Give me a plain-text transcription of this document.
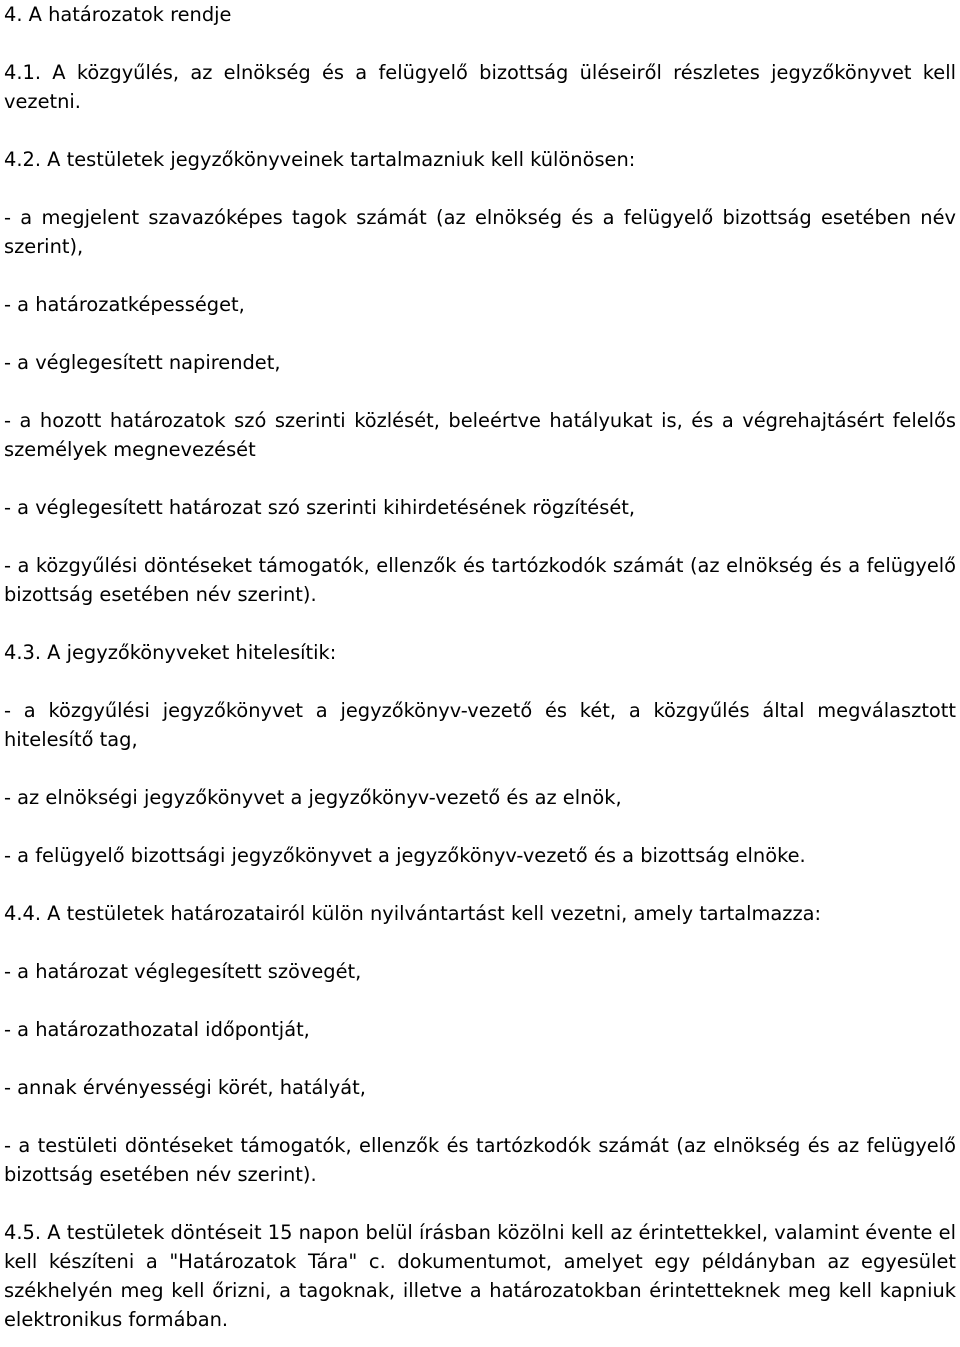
4. A határozatok rendje

4.1. A közgyűlés, az elnökség és a felügyelő bizottság üléseiről részletes jegyzőkönyvet kell vezetni.

4.2. A testületek jegyzőkönyveinek tartalmazniuk kell különösen:

- a megjelent szavazóképes tagok számát (az elnökség és a felügyelő bizottság esetében név szerint),

- a határozatképességet,

- a véglegesített napirendet,

- a hozott határozatok szó szerinti közlését, beleértve hatályukat is, és a végrehajtásért felelős személyek megnevezését

- a véglegesített határozat szó szerinti kihirdetésének rögzítését,

- a közgyűlési döntéseket támogatók, ellenzők és tartózkodók számát (az elnökség és a felügyelő bizottság esetében név szerint).

4.3. A jegyzőkönyveket hitelesítik:

- a közgyűlési jegyzőkönyvet a jegyzőkönyv-vezető és két, a közgyűlés által megválasztott hitelesítő tag,

- az elnökségi jegyzőkönyvet a jegyzőkönyv-vezető és az elnök,

- a felügyelő bizottsági jegyzőkönyvet a jegyzőkönyv-vezető és a bizottság elnöke.

4.4. A testületek határozatairól külön nyilvántartást kell vezetni, amely tartalmazza:

- a határozat véglegesített szövegét,

- a határozathozatal időpontját,

- annak érvényességi körét, hatályát,

- a testületi döntéseket támogatók, ellenzők és tartózkodók számát (az elnökség és az felügyelő bizottság esetében név szerint).

4.5. A testületek döntéseit 15 napon belül írásban közölni kell az érintettekkel, valamint évente el kell készíteni a "Határozatok Tára" c. dokumentumot, amelyet egy példányban az egyesület székhelyén meg kell őrizni, a tagoknak, illetve a határozatokban érintetteknek meg kell kapniuk elektronikus formában.
